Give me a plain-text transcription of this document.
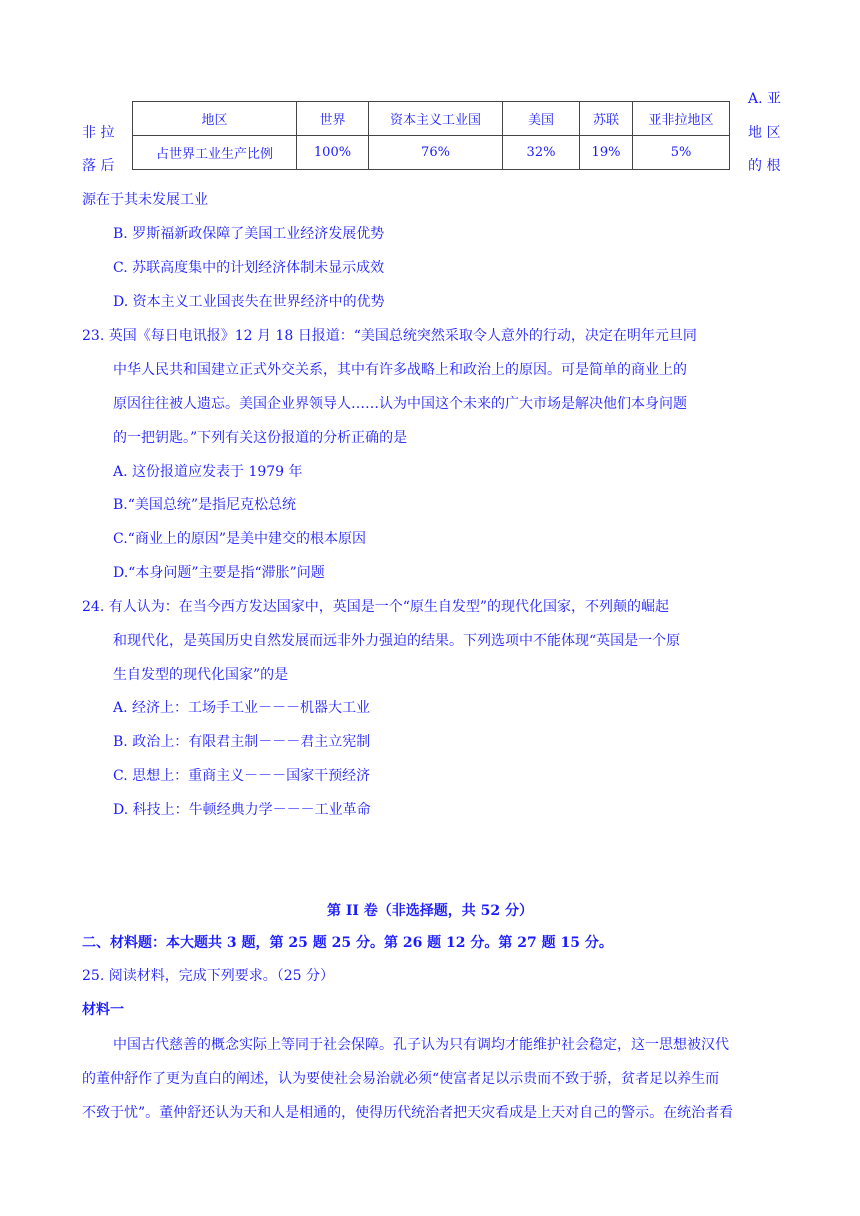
A. 亚
非 拉	地 区
落 后	的 根
地区	世界	资本主义工业国	美国	苏联	亚非拉地区
占世界工业生产比例	100%	76%	32%	19%	5%
源在于其未发展工业
B. 罗斯福新政保障了美国工业经济发展优势
C. 苏联高度集中的计划经济体制未显示成效
D. 资本主义工业国丧失在世界经济中的优势
23. 英国《每日电讯报》12 月 18 日报道：“美国总统突然采取令人意外的行动，决定在明年元旦同
中华人民共和国建立正式外交关系，其中有许多战略上和政治上的原因。可是简单的商业上的
原因往往被人遗忘。美国企业界领导人……认为中国这个未来的广大市场是解决他们本身问题
的一把钥匙。”下列有关这份报道的分析正确的是
A. 这份报道应发表于 1979 年
B.“美国总统”是指尼克松总统
C.“商业上的原因”是美中建交的根本原因
D.“本身问题”主要是指“滞胀”问题
24. 有人认为：在当今西方发达国家中，英国是一个“原生自发型”的现代化国家，不列颠的崛起
和现代化，是英国历史自然发展而远非外力强迫的结果。下列选项中不能体现“英国是一个原
生自发型的现代化国家”的是
A. 经济上：工场手工业－－－机器大工业
B. 政治上：有限君主制－－－君主立宪制
C. 思想上：重商主义－－－国家干预经济
D. 科技上：牛顿经典力学－－－工业革命
第 II 卷（非选择题，共 52 分）
二、材料题：本大题共 3 题，第 25 题 25 分。第 26 题 12 分。第 27 题 15 分。
25. 阅读材料，完成下列要求。（25 分）
材料一
中国古代慈善的概念实际上等同于社会保障。孔子认为只有调均才能维护社会稳定，这一思想被汉代
的董仲舒作了更为直白的阐述，认为要使社会易治就必须“使富者足以示贵而不致于骄，贫者足以养生而
不致于忧”。董仲舒还认为天和人是相通的，使得历代统治者把天灾看成是上天对自己的警示。在统治者看
